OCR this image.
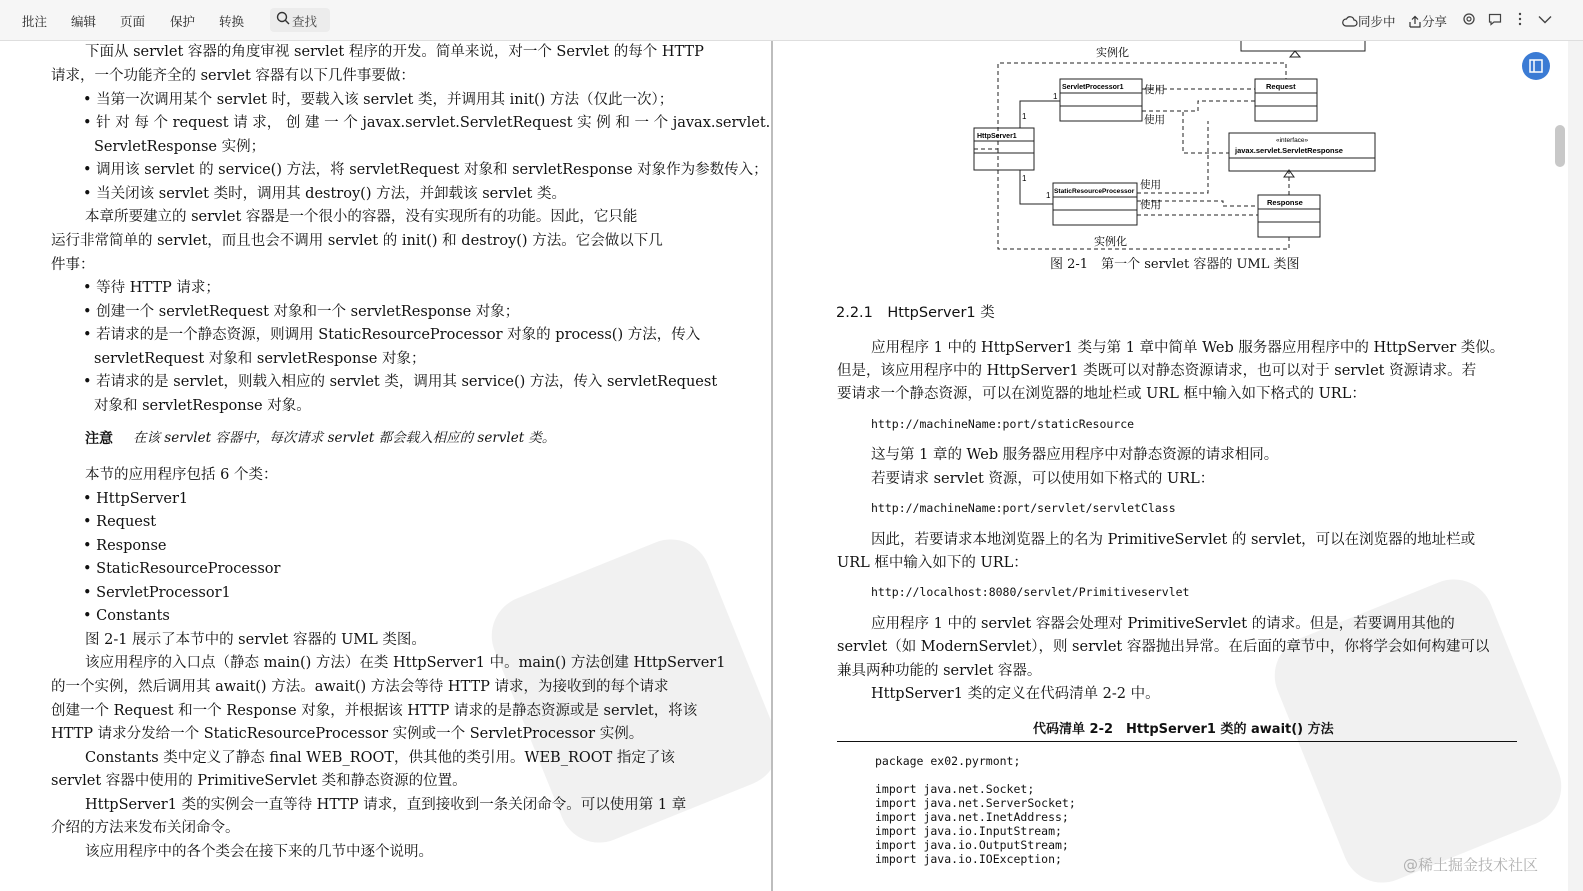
批注 编辑 页面 保护 转换	查找	同步中	分享
下面从 servlet 容器的角度审视 servlet 程序的开发。简单来说，对一个 Servlet 的每个 HTTP
请求，一个功能齐全的 servlet 容器有以下几件事要做：
• 当第一次调用某个 servlet 时，要载入该 servlet 类，并调用其 init() 方法（仅此一次）；
• 针 对 每 个 request 请 求， 创 建 一 个 javax.servlet.ServletRequest 实 例 和 一 个 javax.servlet.
ServletResponse 实例；
• 调用该 servlet 的 service() 方法，将 servletRequest 对象和 servletResponse 对象作为参数传入；
• 当关闭该 servlet 类时，调用其 destroy() 方法，并卸载该 servlet 类。
本章所要建立的 servlet 容器是一个很小的容器，没有实现所有的功能。因此，它只能
运行非常简单的 servlet，而且也会不调用 servlet 的 init() 和 destroy() 方法。它会做以下几
件事：
• 等待 HTTP 请求；
• 创建一个 servletRequest 对象和一个 servletResponse 对象；
• 若请求的是一个静态资源，则调用 StaticResourceProcessor 对象的 process() 方法，传入
servletRequest 对象和 servletResponse 对象；
• 若请求的是 servlet，则载入相应的 servlet 类，调用其 service() 方法，传入 servletRequest
对象和 servletResponse 对象。
注意 在该 servlet 容器中，每次请求 servlet 都会载入相应的 servlet 类。
本节的应用程序包括 6 个类：
• HttpServer1
• Request
• Response
• StaticResourceProcessor
• ServletProcessor1
• Constants
图 2-1 展示了本节中的 servlet 容器的 UML 类图。
该应用程序的入口点（静态 main() 方法）在类 HttpServer1 中。main() 方法创建 HttpServer1
的一个实例，然后调用其 await() 方法。await() 方法会等待 HTTP 请求，为接收到的每个请求
创建一个 Request 和一个 Response 对象，并根据该 HTTP 请求的是静态资源或是 servlet，将该
HTTP 请求分发给一个 StaticResourceProcessor 实例或一个 ServletProcessor 实例。
Constants 类中定义了静态 final WEB_ROOT，供其他的类引用。WEB_ROOT 指定了该
servlet 容器中使用的 PrimitiveServlet 类和静态资源的位置。
HttpServer1 类的实例会一直等待 HTTP 请求，直到接收到一条关闭命令。可以使用第 1 章
介绍的方法来发布关闭命令。
该应用程序中的各个类会在接下来的几节中逐个说明。
实例化
实例化
HttpServer1
ServletProcessor1
StaticResourceProcessor
Request
Response
«interface»
javax.servlet.ServletResponse
使用
使用
使用
使用
1
1
1
1
图 2-1　第一个 servlet 容器的 UML 类图
2.2.1　HttpServer1 类
应用程序 1 中的 HttpServer1 类与第 1 章中简单 Web 服务器应用程序中的 HttpServer 类似。
但是，该应用程序中的 HttpServer1 类既可以对静态资源请求，也可以对于 servlet 资源请求。若
要请求一个静态资源，可以在浏览器的地址栏或 URL 框中输入如下格式的 URL：
http://machineName:port/staticResource
这与第 1 章的 Web 服务器应用程序中对静态资源的请求相同。
若要请求 servlet 资源，可以使用如下格式的 URL：
http://machineName:port/servlet/servletClass
因此，若要请求本地浏览器上的名为 PrimitiveServlet 的 servlet，可以在浏览器的地址栏或
URL 框中输入如下的 URL：
http://localhost:8080/servlet/Primitiveservlet
应用程序 1 中的 servlet 容器会处理对 PrimitiveServlet 的请求。但是，若要调用其他的
servlet（如 ModernServlet），则 servlet 容器抛出异常。在后面的章节中，你将学会如何构建可以
兼具两种功能的 servlet 容器。
HttpServer1 类的定义在代码清单 2-2 中。
代码清单 2-2　HttpServer1 类的 await() 方法
package ex02.pyrmont;
import java.net.Socket;
import java.net.ServerSocket;
import java.net.InetAddress;
import java.io.InputStream;
import java.io.OutputStream;
import java.io.IOException;	@稀土掘金技术社区
